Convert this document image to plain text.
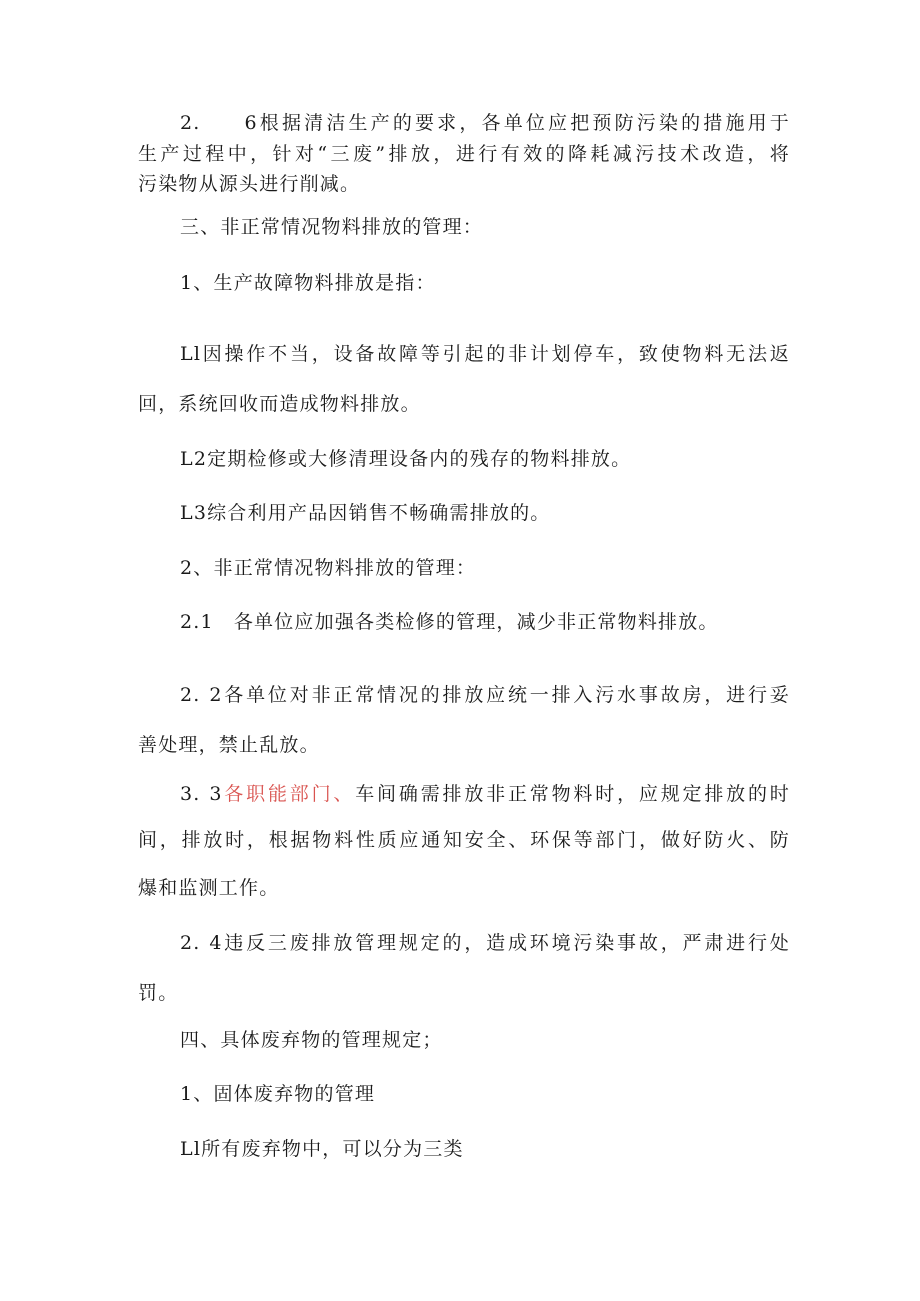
2. 6根据清洁生产的要求，各单位应把预防污染的措施用于
生产过程中，针对“三废”排放，进行有效的降耗减污技术改造，将
污染物从源头进行削减。
三、非正常情况物料排放的管理：
1、生产故障物料排放是指：
Ll因操作不当，设备故障等引起的非计划停车，致使物料无法返
回，系统回收而造成物料排放。
L2定期检修或大修清理设备内的残存的物料排放。
L3综合利用产品因销售不畅确需排放的。
2、非正常情况物料排放的管理：
2.1 各单位应加强各类检修的管理，减少非正常物料排放。
2. 2各单位对非正常情况的排放应统一排入污水事故房，进行妥
善处理，禁止乱放。
3. 3各职能部门、车间确需排放非正常物料时，应规定排放的时
间，排放时，根据物料性质应通知安全、环保等部门，做好防火、防
爆和监测工作。
2. 4违反三废排放管理规定的，造成环境污染事故，严肃进行处
罚。
四、具体废弃物的管理规定；
1、固体废弃物的管理
Ll所有废弃物中，可以分为三类
